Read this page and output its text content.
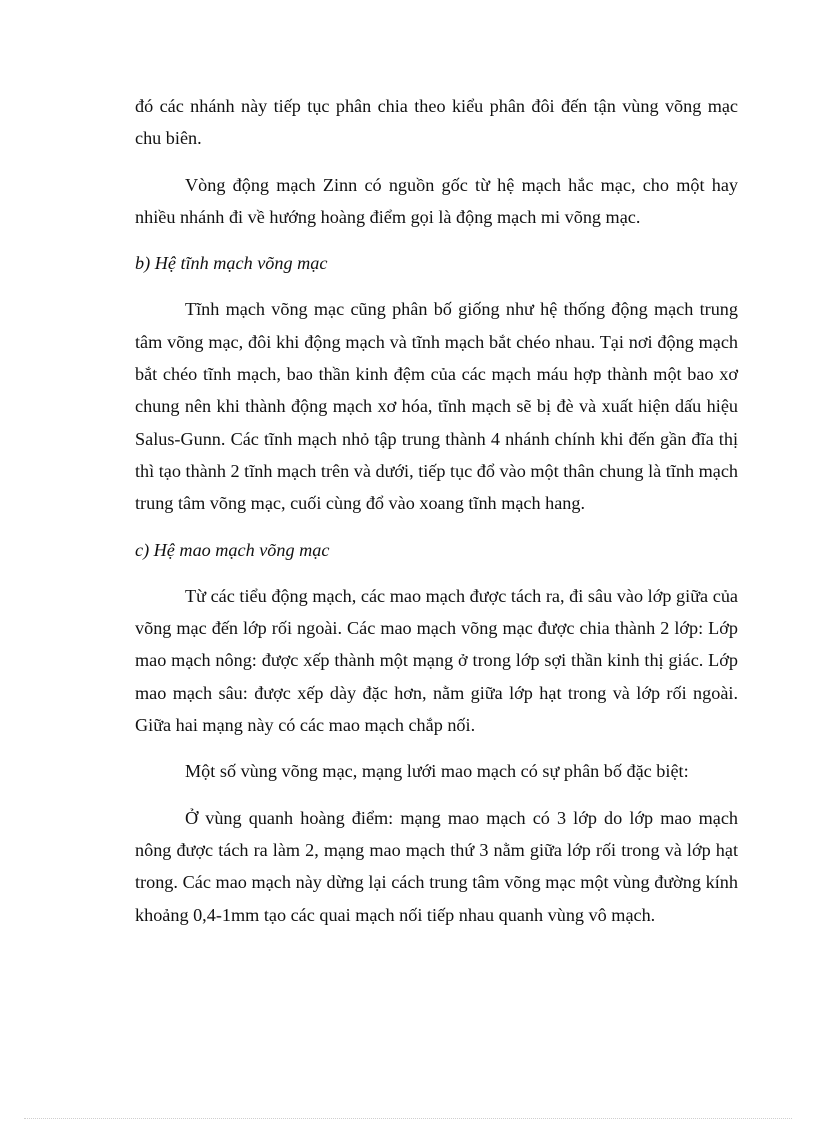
đó các nhánh này tiếp tục phân chia theo kiểu phân đôi đến tận vùng võng mạc chu biên.

Vòng động mạch Zinn có nguồn gốc từ hệ mạch hắc mạc, cho một hay nhiều nhánh đi về hướng hoàng điểm gọi là động mạch mi võng mạc.

b) Hệ tĩnh mạch võng mạc

Tĩnh mạch võng mạc cũng phân bố giống như hệ thống động mạch trung tâm võng mạc, đôi khi động mạch và tĩnh mạch bắt chéo nhau. Tại nơi động mạch bắt chéo tĩnh mạch, bao thần kinh đệm của các mạch máu hợp thành một bao xơ chung nên khi thành động mạch xơ hóa, tĩnh mạch sẽ bị đè và xuất hiện dấu hiệu Salus-Gunn. Các tĩnh mạch nhỏ tập trung thành 4 nhánh chính khi đến gần đĩa thị thì tạo thành 2 tĩnh mạch trên và dưới, tiếp tục đổ vào một thân chung là tĩnh mạch trung tâm võng mạc, cuối cùng đổ vào xoang tĩnh mạch hang.

c) Hệ mao mạch võng mạc

Từ các tiểu động mạch, các mao mạch được tách ra, đi sâu vào lớp giữa của võng mạc đến lớp rối ngoài. Các mao mạch võng mạc được chia thành 2 lớp: Lớp mao mạch nông: được xếp thành một mạng ở trong lớp sợi thần kinh thị giác. Lớp mao mạch sâu: được xếp dày đặc hơn, nằm giữa lớp hạt trong và lớp rối ngoài. Giữa hai mạng này có các mao mạch chắp nối.

Một số vùng võng mạc, mạng lưới mao mạch có sự phân bố đặc biệt:

Ở vùng quanh hoàng điểm: mạng mao mạch có 3 lớp do lớp mao mạch nông được tách ra làm 2, mạng mao mạch thứ 3 nằm giữa lớp rối trong và lớp hạt trong. Các mao mạch này dừng lại cách trung tâm võng mạc một vùng đường kính khoảng 0,4-1mm tạo các quai mạch nối tiếp nhau quanh vùng vô mạch.
